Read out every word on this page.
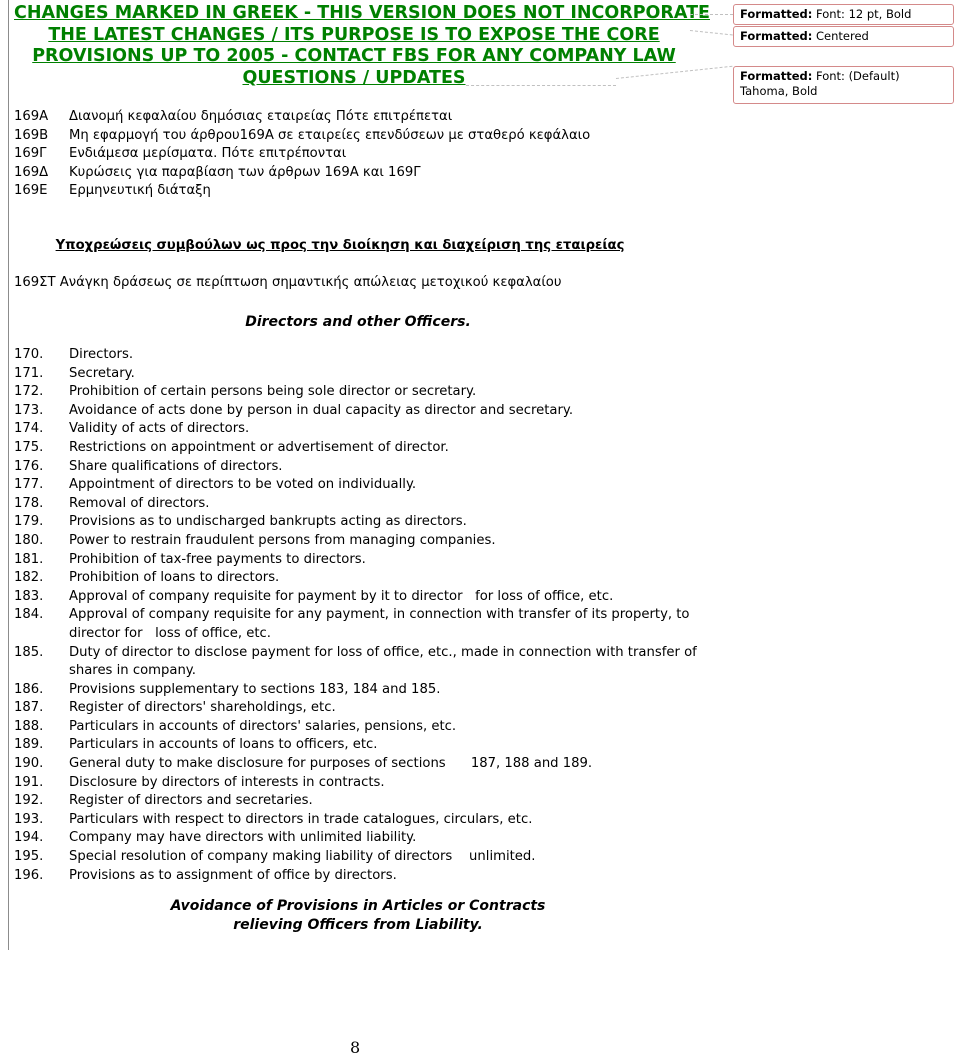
CHANGES MARKED IN GREEK - THIS VERSION DOES NOT INCORPORATE
THE LATEST CHANGES / ITS PURPOSE IS TO EXPOSE THE CORE
PROVISIONS UP TO 2005 - CONTACT FBS FOR ANY COMPANY LAW
QUESTIONS / UPDATES
169Α	Διανομή κεφαλαίου δημόσιας εταιρείας Πότε επιτρέπεται
169Β	Μη εφαρμογή του άρθρου169Α σε εταιρείες επενδύσεων με σταθερό κεφάλαιο
169Γ	Ενδιάμεσα μερίσματα. Πότε επιτρέπονται
169Δ	Κυρώσεις για παραβίαση των άρθρων 169Α και 169Γ
169Ε	Ερμηνευτική διάταξη
Υποχρεώσεις συμβούλων ως προς την διοίκηση και διαχείριση της εταιρείας
169ΣΤ Ανάγκη δράσεως σε περίπτωση σημαντικής απώλειας μετοχικού κεφαλαίου
Directors and other Officers.
170.	Directors.
171.	Secretary.
172.	Prohibition of certain persons being sole director or secretary.
173.	Avoidance of acts done by person in dual capacity as director and secretary.
174.	Validity of acts of directors.
175.	Restrictions on appointment or advertisement of director.
176.	Share qualifications of directors.
177.	Appointment of directors to be voted on individually.
178.	Removal of directors.
179.	Provisions as to undischarged bankrupts acting as directors.
180.	Power to restrain fraudulent persons from managing companies.
181.	Prohibition of tax-free payments to directors.
182.	Prohibition of loans to directors.
183.	Approval of company requisite for payment by it to director   for loss of office, etc.
184.	Approval of company requisite for any payment, in connection with transfer of its property, to director for   loss of office, etc.
185.	Duty of director to disclose payment for loss of office, etc., made in connection with transfer of shares in company.
186.	Provisions supplementary to sections 183, 184 and 185.
187.	Register of directors' shareholdings, etc.
188.	Particulars in accounts of directors' salaries, pensions, etc.
189.	Particulars in accounts of loans to officers, etc.
190.	General duty to make disclosure for purposes of sections      187, 188 and 189.
191.	Disclosure by directors of interests in contracts.
192.	Register of directors and secretaries.
193.	Particulars with respect to directors in trade catalogues, circulars, etc.
194.	Company may have directors with unlimited liability.
195.	Special resolution of company making liability of directors    unlimited.
196.	Provisions as to assignment of office by directors.
Avoidance of Provisions in Articles or Contracts
relieving Officers from Liability.
8
Formatted: Font: 12 pt, Bold
Formatted: Centered
Formatted: Font: (Default) Tahoma, Bold
